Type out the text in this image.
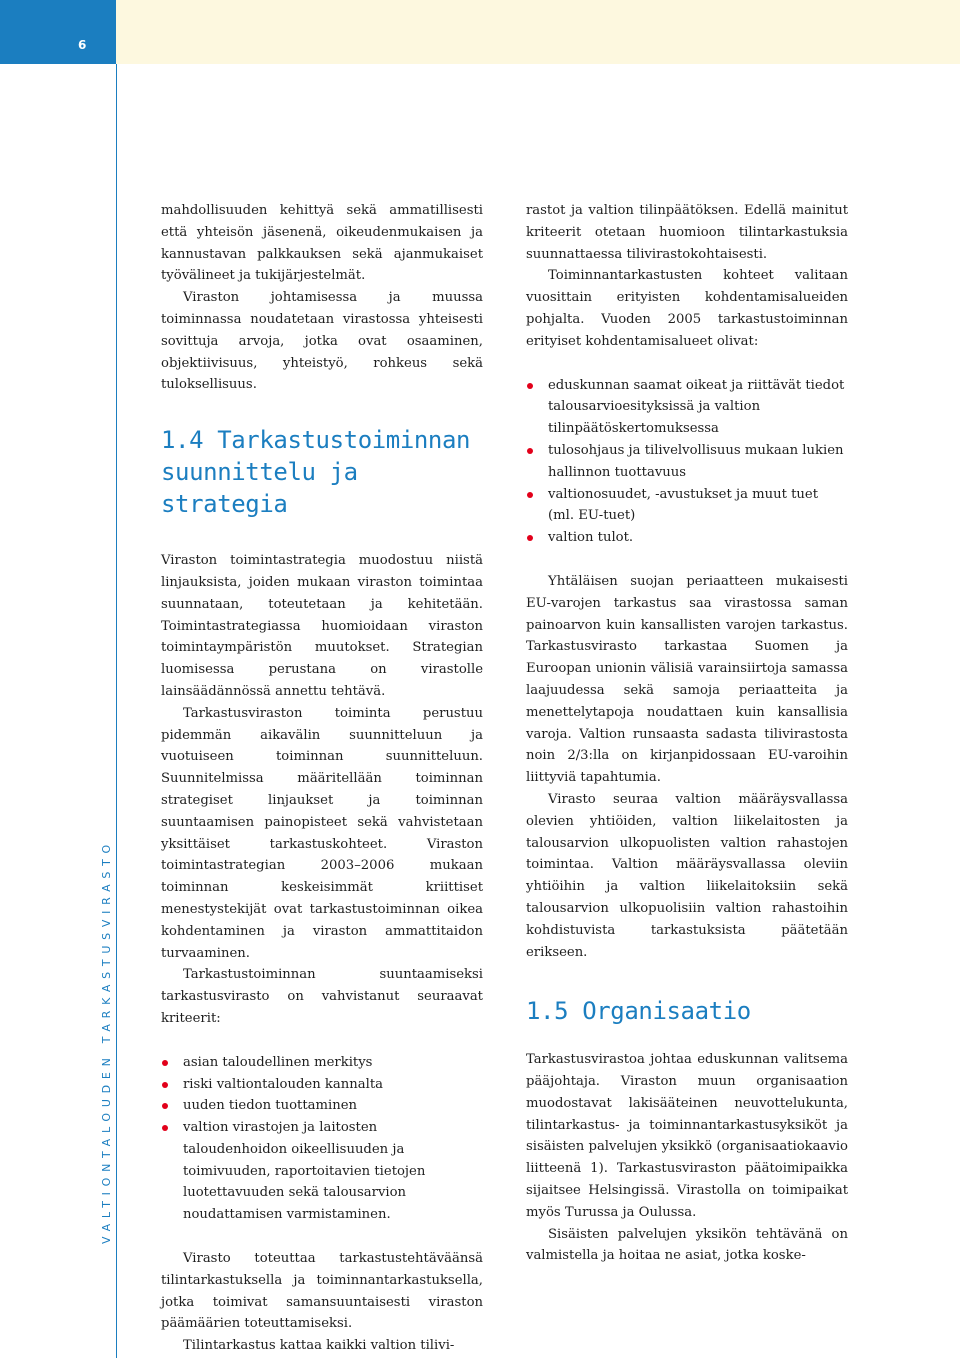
6
VALTIONTALOUDEN TARKASTUSVIRASTO

mahdollisuuden kehittyä sekä ammatillisesti että yhteisön jäsenenä, oikeudenmukaisen ja kannustavan palkkauksen sekä ajanmukaiset työvälineet ja tukijärjestelmät.

Viraston johtamisessa ja muussa toiminnassa noudatetaan virastossa yhteisesti sovittuja arvoja, jotka ovat osaaminen, objektiivisuus, yhteistyö, rohkeus sekä tuloksellisuus.

1.4 Tarkastustoiminnan suunnittelu ja strategia

Viraston toimintastrategia muodostuu niistä linjauksista, joiden mukaan viraston toimintaa suunnataan, toteutetaan ja kehitetään. Toimintastrategiassa huomioidaan viraston toimintaympäristön muutokset. Strategian luomisessa perustana on virastolle lainsäädännössä annettu tehtävä.

Tarkastusviraston toiminta perustuu pidemmän aikavälin suunnitteluun ja vuotuiseen toiminnan suunnitteluun. Suunnitelmissa määritellään toiminnan strategiset linjaukset ja toiminnan suuntaamisen painopisteet sekä vahvistetaan yksittäiset tarkastuskohteet. Viraston toimintastrategian 2003–2006 mukaan toiminnan keskeisimmät kriittiset menestystekijät ovat tarkastustoiminnan oikea kohdentaminen ja viraston ammattitaidon turvaaminen.

Tarkastustoiminnan suuntaamiseksi tarkastusvirasto on vahvistanut seuraavat kriteerit:

asian taloudellinen merkitys
riski valtiontalouden kannalta
uuden tiedon tuottaminen
valtion virastojen ja laitosten taloudenhoidon oikeellisuuden ja toimivuuden, raportoitavien tietojen luotettavuuden sekä talousarvion noudattamisen varmistaminen.

Virasto toteuttaa tarkastustehtäväänsä tilintarkastuksella ja toiminnantarkastuksella, jotka toimivat samansuuntaisesti viraston päämäärien toteuttamiseksi.

Tilintarkastus kattaa kaikki valtion tilivi-

rastot ja valtion tilinpäätöksen. Edellä mainitut kriteerit otetaan huomioon tilintarkastuksia suunnattaessa tilivirastokohtaisesti.

Toiminnantarkastusten kohteet valitaan vuosittain erityisten kohdentamisalueiden pohjalta. Vuoden 2005 tarkastustoiminnan erityiset kohdentamisalueet olivat:

eduskunnan saamat oikeat ja riittävät tiedot talousarvioesityksissä ja valtion tilinpäätöskertomuksessa
tulosohjaus ja tilivelvollisuus mukaan lukien hallinnon tuottavuus
valtionosuudet, -avustukset ja muut tuet (ml. EU-tuet)
valtion tulot.

Yhtäläisen suojan periaatteen mukaisesti EU-varojen tarkastus saa virastossa saman painoarvon kuin kansallisten varojen tarkastus. Tarkastusvirasto tarkastaa Suomen ja Euroopan unionin välisiä varainsiirtoja samassa laajuudessa sekä samoja periaatteita ja menettelytapoja noudattaen kuin kansallisia varoja. Valtion runsaasta sadasta tilivirastosta noin 2/3:lla on kirjanpidossaan EU-varoihin liittyviä tapahtumia.

Virasto seuraa valtion määräysvallassa olevien yhtiöiden, valtion liikelaitosten ja talousarvion ulkopuolisten valtion rahastojen toimintaa. Valtion määräysvallassa oleviin yhtiöihin ja valtion liikelaitoksiin sekä talousarvion ulkopuolisiin valtion rahastoihin kohdistuvista tarkastuksista päätetään erikseen.

1.5 Organisaatio

Tarkastusvirastoa johtaa eduskunnan valitsema pääjohtaja. Viraston muun organisaation muodostavat lakisääteinen neuvottelukunta, tilintarkastus- ja toiminnantarkastusyksiköt ja sisäisten palvelujen yksikkö (organisaatiokaavio liitteenä 1). Tarkastusviraston päätoimipaikka sijaitsee Helsingissä. Virastolla on toimipaikat myös Turussa ja Oulussa.

Sisäisten palvelujen yksikön tehtävänä on valmistella ja hoitaa ne asiat, jotka koske-
